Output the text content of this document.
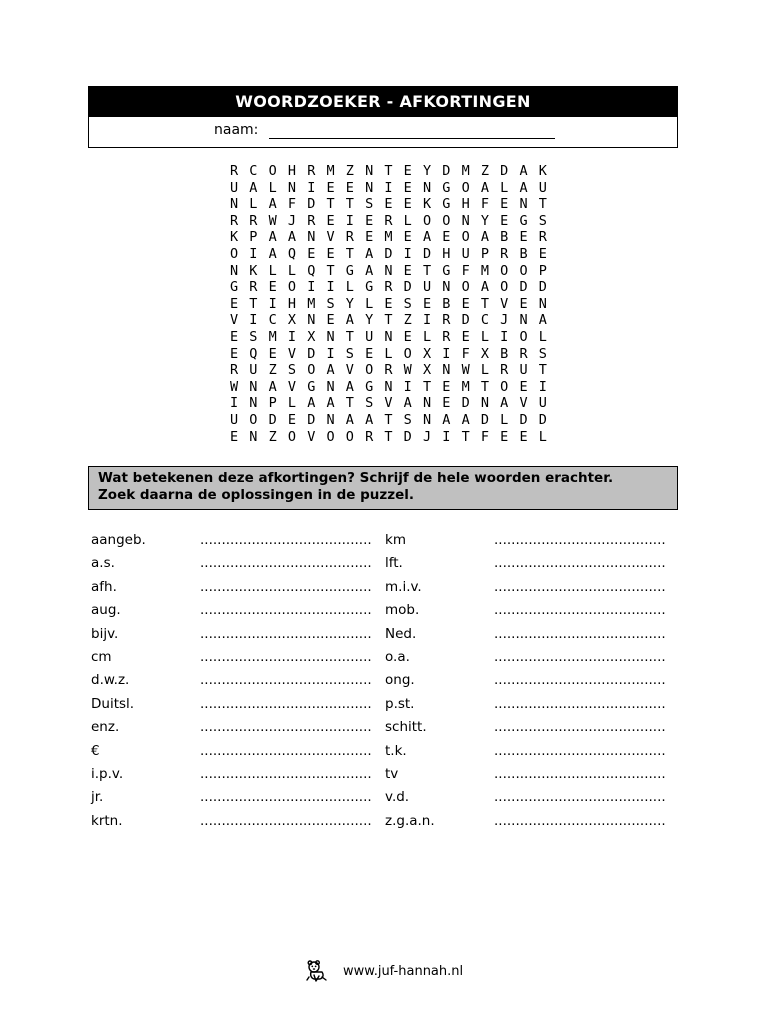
WOORDZOEKER - AFKORTINGEN
naam:
R C O H R M Z N T E Y D M Z D A K
U A L N I E E N I E N G O A L A U
N L A F D T T S E E K G H F E N T
R R W J R E I E R L O O N Y E G S
K P A A N V R E M E A E O A B E R
O I A Q E E T A D I D H U P R B E
N K L L Q T G A N E T G F M O O P
G R E O I I L G R D U N O A O D D
E T I H M S Y L E S E B E T V E N
V I C X N E A Y T Z I R D C J N A
E S M I X N T U N E L R E L I O L
E Q E V D I S E L O X I F X B R S
R U Z S O A V O R W X N W L R U T
W N A V G N A G N I T E M T O E I
I N P L A A T S V A N E D N A V U
U O D E D N A A T S N A A D L D D
E N Z O V O O R T D J I T F E E L
Wat betekenen deze afkortingen? Schrijf de hele woorden erachter.
Zoek daarna de oplossingen in de puzzel.
aangeb.	........................................ km	........................................
a.s.	........................................ lft.	........................................
afh.	........................................ m.i.v.	........................................
aug.	........................................ mob.	........................................
bijv.	........................................ Ned.	........................................
cm	........................................ o.a.	........................................
d.w.z.	........................................ ong.	........................................
Duitsl.	........................................ p.st.	........................................
enz.	........................................ schitt.	........................................
€	........................................ t.k.	........................................
i.p.v.	........................................ tv	........................................
jr.	........................................ v.d.	........................................
krtn.	........................................ z.g.a.n.	........................................
www.juf-hannah.nl
